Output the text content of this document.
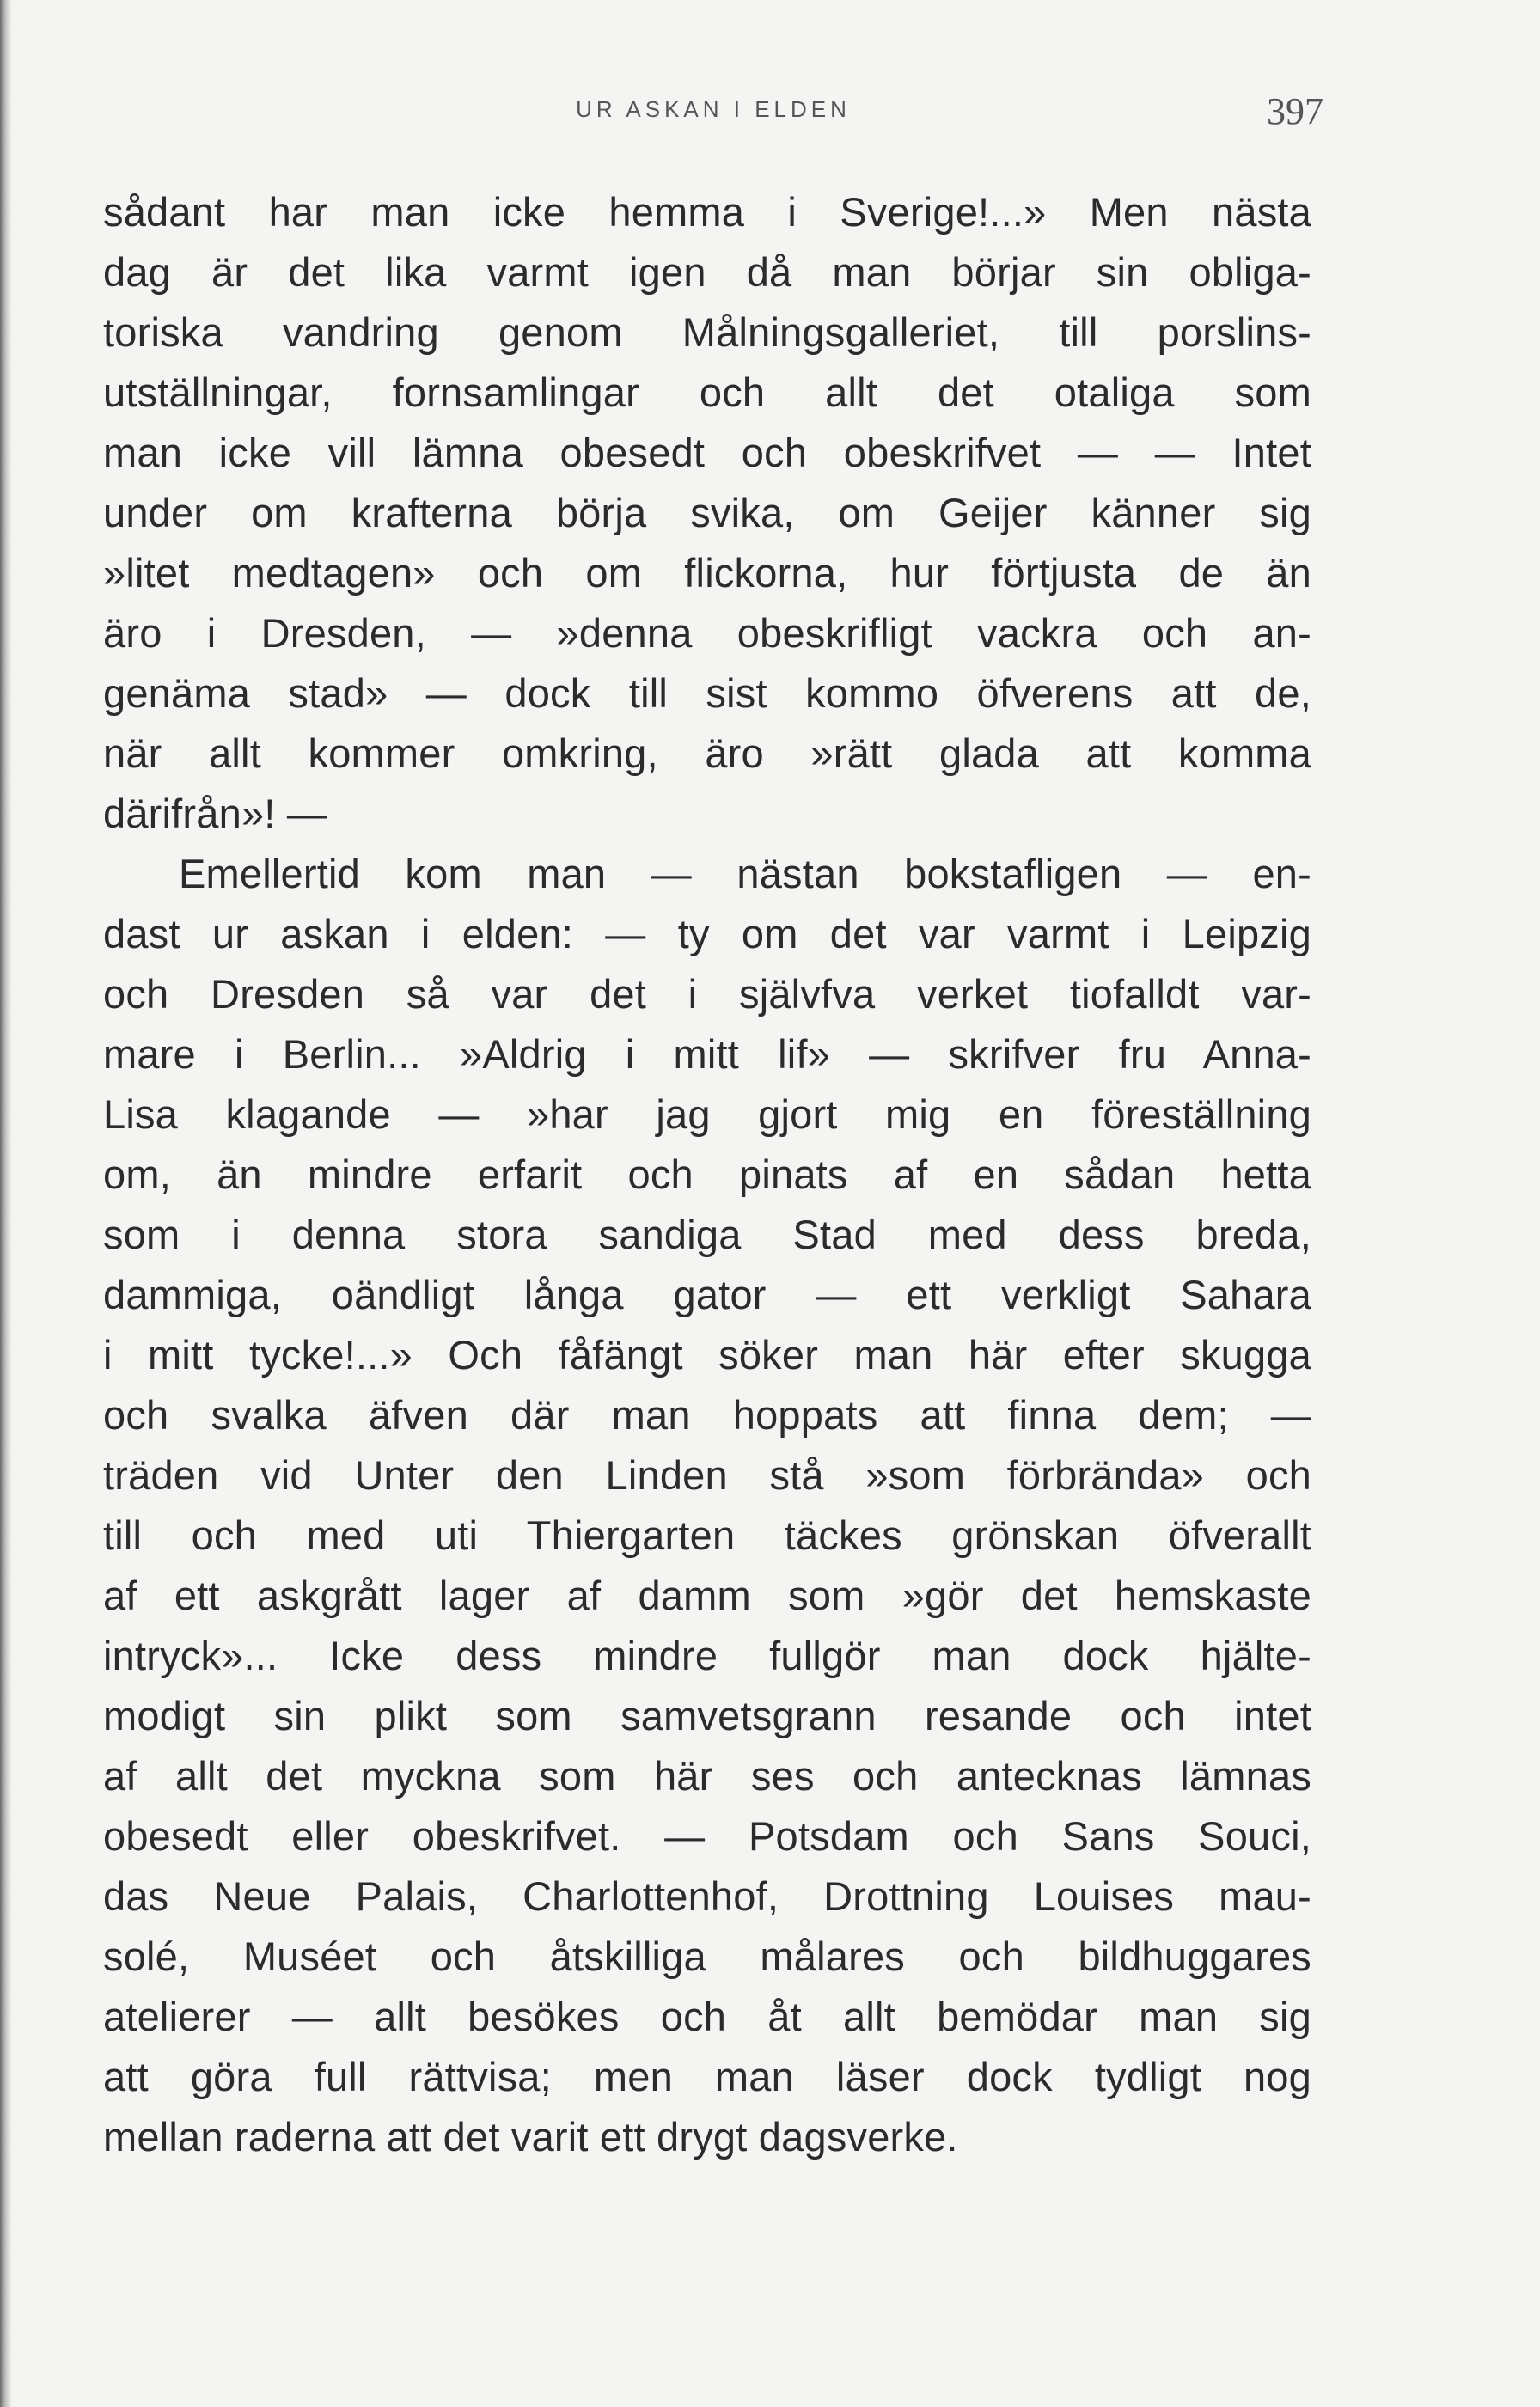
UR ASKAN I ELDEN	397
sådant har man icke hemma i Sverige!...» Men nästa
dag är det lika varmt igen då man börjar sin obliga-
toriska vandring genom Målningsgalleriet, till porslins-
utställningar, fornsamlingar och allt det otaliga som
man icke vill lämna obesedt och obeskrifvet — — Intet
under om krafterna börja svika, om Geijer känner sig
»litet medtagen» och om flickorna, hur förtjusta de än
äro i Dresden, — »denna obeskrifligt vackra och an-
genäma stad» — dock till sist kommo öfverens att de,
när allt kommer omkring, äro »rätt glada att komma
därifrån»! —
Emellertid kom man — nästan bokstafligen — en-
dast ur askan i elden: — ty om det var varmt i Leipzig
och Dresden så var det i självfva verket tiofalldt var-
mare i Berlin... »Aldrig i mitt lif» — skrifver fru Anna-
Lisa klagande — »har jag gjort mig en föreställning
om, än mindre erfarit och pinats af en sådan hetta
som i denna stora sandiga Stad med dess breda,
dammiga, oändligt långa gator — ett verkligt Sahara
i mitt tycke!...» Och fåfängt söker man här efter skugga
och svalka äfven där man hoppats att finna dem; —
träden vid Unter den Linden stå »som förbrända» och
till och med uti Thiergarten täckes grönskan öfverallt
af ett askgrått lager af damm som »gör det hemskaste
intryck»... Icke dess mindre fullgör man dock hjälte-
modigt sin plikt som samvetsgrann resande och intet
af allt det myckna som här ses och antecknas lämnas
obesedt eller obeskrifvet. — Potsdam och Sans Souci,
das Neue Palais, Charlottenhof, Drottning Louises mau-
solé, Muséet och åtskilliga målares och bildhuggares
atelierer — allt besökes och åt allt bemödar man sig
att göra full rättvisa; men man läser dock tydligt nog
mellan raderna att det varit ett drygt dagsverke.
